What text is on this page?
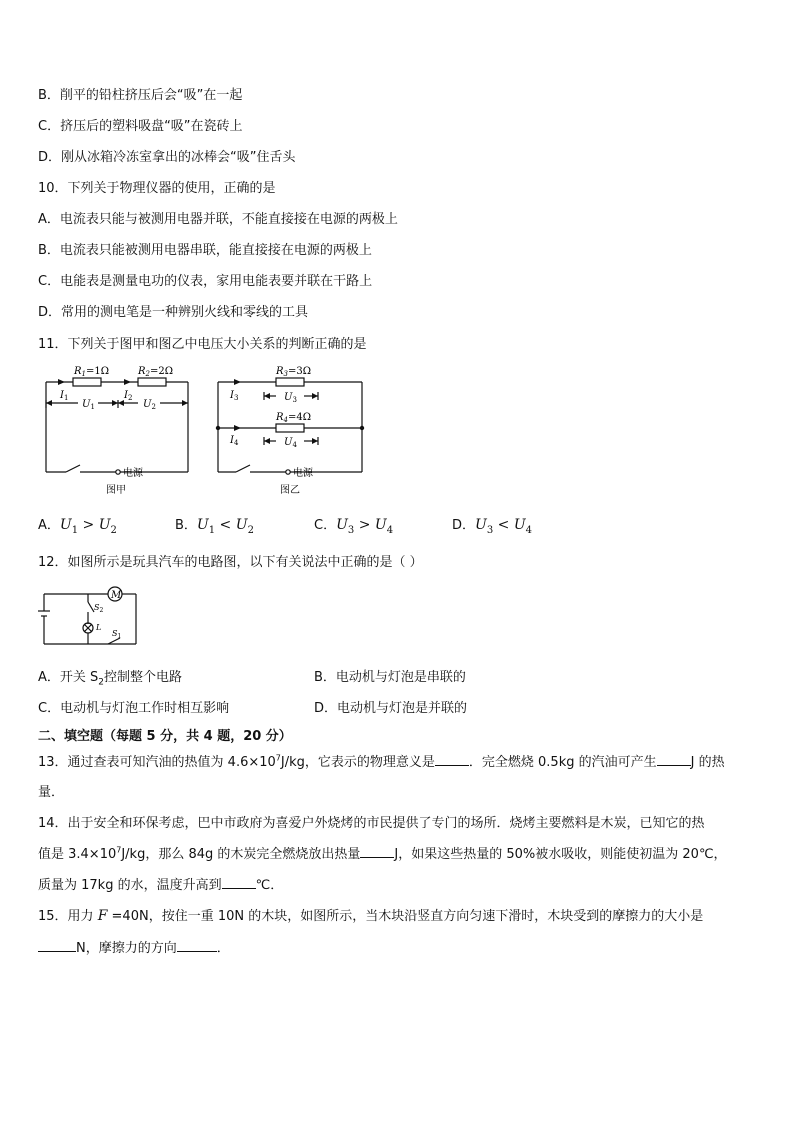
B．削平的铅柱挤压后会“吸”在一起
C．挤压后的塑料吸盘“吸”在瓷砖上
D．刚从冰箱冷冻室拿出的冰棒会“吸”住舌头
10．下列关于物理仪器的使用，正确的是
A．电流表只能与被测用电器并联，不能直接接在电源的两极上
B．电流表只能被测用电器串联，能直接接在电源的两极上
C．电能表是测量电功的仪表，家用电能表要并联在干路上
D．常用的测电笔是一种辨别火线和零线的工具
11．下列关于图甲和图乙中电压大小关系的判断正确的是
$R_1=1\Omega$	$R_2=2\Omega$
$I_1$	$I_2$
$U_1$	$U_2$
电源
图甲
$R_3=3\Omega$
$R_4=4\Omega$
$I_3$
$I_4$
$U_3$
$U_4$
电源
图乙
A．$U_1 > U_2$	B．$U_1 < U_2$	C．$U_3 > U_4$	D．$U_3 < U_4$
12．如图所示是玩具汽车的电路图，以下有关说法中正确的是（ ）
M
$S_2$
L
$S_1$
A．开关 $S_2$控制整个电路	B．电动机与灯泡是串联的
C．电动机与灯泡工作时相互影响	D．电动机与灯泡是并联的
二、填空题（每题 5 分，共 4 题，20 分）
13．通过查表可知汽油的热值为 $4.6\times 10^7J/kg$，它表示的物理意义是	．完全燃烧 0.5kg 的汽油可产生	J 的热
量．
14．出于安全和环保考虑，巴中市政府为喜爱户外烧烤的市民提供了专门的场所．烧烤主要燃料是木炭，已知它的热
值是 $3.4\times 10^7J/kg$，那么 84g 的木炭完全燃烧放出热量	J，如果这些热量的 50%被水吸收，则能使初温为 20℃，
质量为 17kg 的水，温度升高到	℃．
15．用力 F =40N，按住一重 10N 的木块，如图所示，当木块沿竖直方向匀速下滑时，木块受到的摩擦力的大小是
N，摩擦力的方向	．
